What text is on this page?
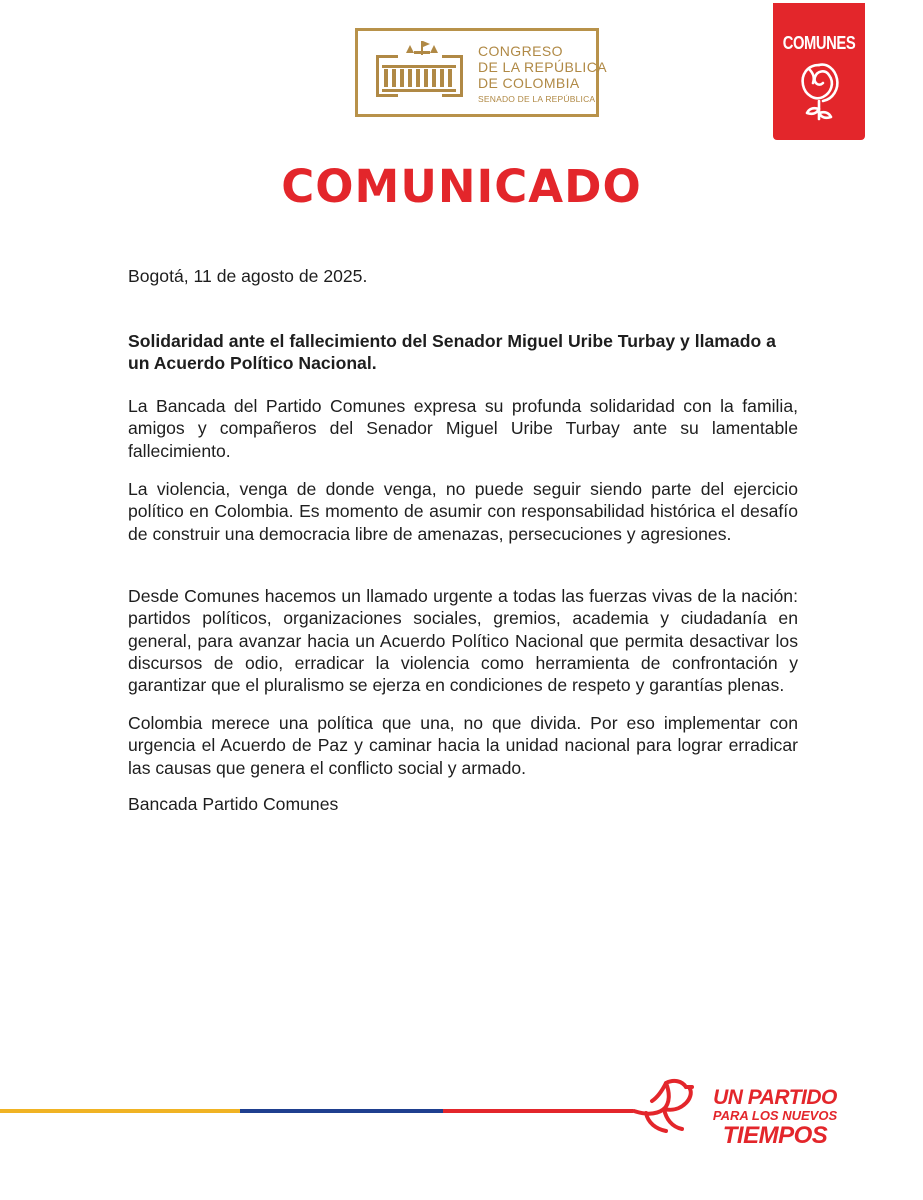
CONGRESO
DE LA REPÚBLICA
DE COLOMBIA
SENADO DE LA REPÚBLICA
COMUNES
COMUNICADO
Bogotá, 11 de agosto de 2025.
Solidaridad ante el fallecimiento del Senador Miguel Uribe Turbay y llamado a un Acuerdo Político Nacional.
La Bancada del Partido Comunes expresa su profunda solidaridad con la familia, amigos y compañeros del Senador Miguel Uribe Turbay ante su lamentable fallecimiento.
La violencia, venga de donde venga, no puede seguir siendo parte del ejercicio político en Colombia. Es momento de asumir con responsabilidad histórica el desafío de construir una democracia libre de amenazas, persecuciones y agresiones.
Desde Comunes hacemos un llamado urgente a todas las fuerzas vivas de la nación: partidos políticos, organizaciones sociales, gremios, academia y ciudadanía en general, para avanzar hacia un Acuerdo Político Nacional que permita desactivar los discursos de odio, erradicar la violencia como herramienta de confrontación y garantizar que el pluralismo se ejerza en condiciones de respeto y garantías plenas.
Colombia merece una política que una, no que divida. Por eso implementar con urgencia el Acuerdo de Paz y caminar hacia la unidad nacional para lograr erradicar las causas que genera el conflicto social y armado.
Bancada Partido Comunes
UN PARTIDO
PARA LOS NUEVOS
TIEMPOS
